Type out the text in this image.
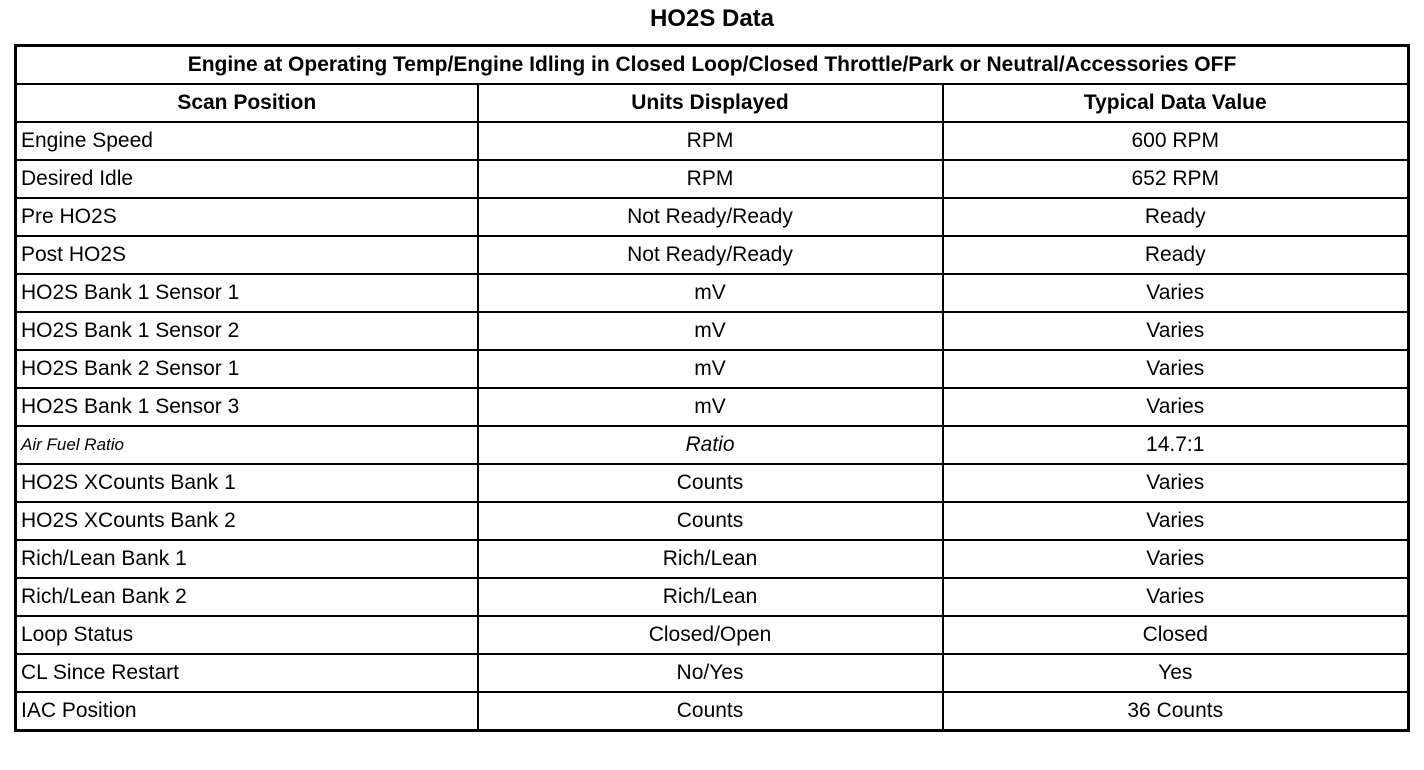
HO2S Data
Engine at Operating Temp/Engine Idling in Closed Loop/Closed Throttle/Park or Neutral/Accessories OFF		
Scan Position	Units Displayed	Typical Data Value
Engine Speed	RPM	600 RPM
Desired Idle	RPM	652 RPM
Pre HO2S	Not Ready/Ready	Ready
Post HO2S	Not Ready/Ready	Ready
HO2S Bank 1 Sensor 1	mV	Varies
HO2S Bank 1 Sensor 2	mV	Varies
HO2S Bank 2 Sensor 1	mV	Varies
HO2S Bank 1 Sensor 3	mV	Varies
Air Fuel Ratio	Ratio	14.7:1
HO2S XCounts Bank 1	Counts	Varies
HO2S XCounts Bank 2	Counts	Varies
Rich/Lean Bank 1	Rich/Lean	Varies
Rich/Lean Bank 2	Rich/Lean	Varies
Loop Status	Closed/Open	Closed
CL Since Restart	No/Yes	Yes
IAC Position	Counts	36 Counts
